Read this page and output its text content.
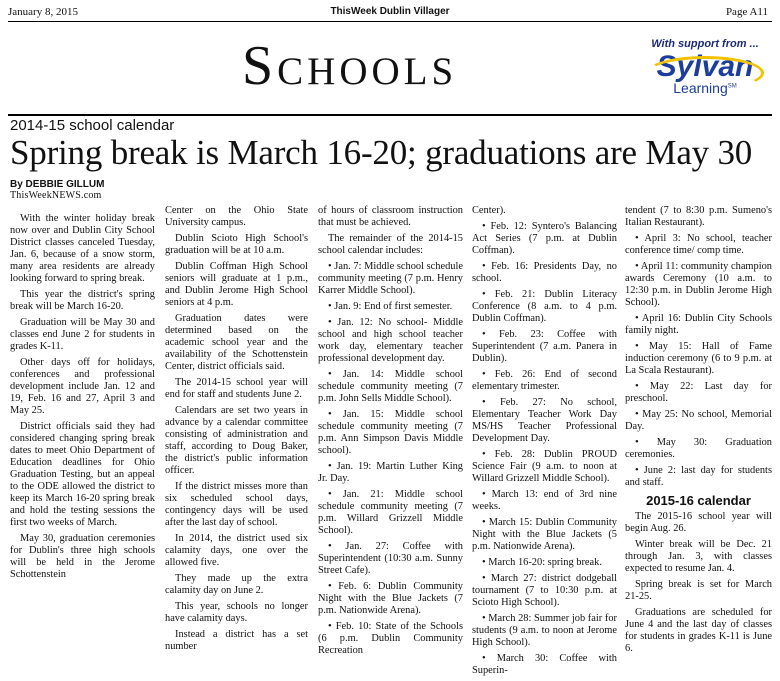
January 8, 2015	ThisWeek Dublin Villager	Page A11
Schools	With support from ...
Sylvan
Learning℠
2014-15 school calendar
Spring break is March 16-20; graduations are May 30
By DEBBIE GILLUM
ThisWeekNEWS.com

With the winter holiday break now over and Dublin City School District classes canceled Tuesday, Jan. 6, because of a snow storm, many area residents are already looking forward to spring break.

This year the district's spring break will be March 16-20.

Graduation will be May 30 and classes end June 2 for students in grades K-11.

Other days off for holidays, conferences and professional development include Jan. 12 and 19, Feb. 16 and 27, April 3 and May 25.

District officials said they had considered changing spring break dates to meet Ohio Department of Education deadlines for Ohio Graduation Testing, but an appeal to the ODE allowed the district to keep its March 16-20 spring break and hold the testing sessions the first two weeks of March.

May 30, graduation ceremonies for Dublin's three high schools will be held in the Jerome Schottenstein

Center on the Ohio State University campus.

Dublin Scioto High School's graduation will be at 10 a.m.

Dublin Coffman High School seniors will graduate at 1 p.m., and Dublin Jerome High School seniors at 4 p.m.

Graduation dates were determined based on the academic school year and the availability of the Schottenstein Center, district officials said.

The 2014-15 school year will end for staff and students June 2.

Calendars are set two years in advance by a calendar committee consisting of administration and staff, according to Doug Baker, the district's public information officer.

If the district misses more than six scheduled school days, contingency days will be used after the last day of school.

In 2014, the district used six calamity days, one over the allowed five.

They made up the extra calamity day on June 2.

This year, schools no longer have calamity days.

Instead a district has a set number

of hours of classroom instruction that must be achieved.

The remainder of the 2014-15 school calendar includes:

• Jan. 7: Middle school schedule community meeting (7 p.m. Henry Karrer Middle School).

• Jan. 9: End of first semester.

• Jan. 12: No school- Middle school and high school teacher work day, elementary teacher professional development day.

• Jan. 14: Middle school schedule community meeting (7 p.m. John Sells Middle School).

• Jan. 15: Middle school schedule community meeting (7 p.m. Ann Simpson Davis Middle school).

• Jan. 19: Martin Luther King Jr. Day.

• Jan. 21: Middle school schedule community meeting (7 p.m. Willard Grizzell Middle School).

• Jan. 27: Coffee with Superintendent (10:30 a.m. Sunny Street Cafe).

• Feb. 6: Dublin Community Night with the Blue Jackets (7 p.m. Nationwide Arena).

• Feb. 10: State of the Schools (6 p.m. Dublin Community Recreation

Center).

• Feb. 12: Syntero's Balancing Act Series (7 p.m. at Dublin Coffman).

• Feb. 16: Presidents Day, no school.

• Feb. 21: Dublin Literacy Conference (8 a.m. to 4 p.m. Dublin Coffman).

• Feb. 23: Coffee with Superintendent (7 a.m. Panera in Dublin).

• Feb. 26: End of second elementary trimester.

• Feb. 27: No school, Elementary Teacher Work Day MS/HS Teacher Professional Development Day.

• Feb. 28: Dublin PROUD Science Fair (9 a.m. to noon at Willard Grizzell Middle School).

• March 13: end of 3rd nine weeks.

• March 15: Dublin Community Night with the Blue Jackets (5 p.m. Nationwide Arena).

• March 16-20: spring break.

• March 27: district dodgeball tournament (7 to 10:30 p.m. at Scioto High School).

• March 28: Summer job fair for students (9 a.m. to noon at Jerome High School).

• March 30: Coffee with Superin-

tendent (7 to 8:30 p.m. Sumeno's Italian Restaurant).

• April 3: No school, teacher conference time/ comp time.

• April 11: community champion awards Ceremony (10 a.m. to 12:30 p.m. in Dublin Jerome High School).

• April 16: Dublin City Schools family night.

• May 15: Hall of Fame induction ceremony (6 to 9 p.m. at La Scala Restaurant).

• May 22: Last day for preschool.

• May 25: No school, Memorial Day.

• May 30: Graduation ceremonies.

• June 2: last day for students and staff.

2015-16 calendar

The 2015-16 school year will begin Aug. 26.

Winter break will be Dec. 21 through Jan. 3, with classes expected to resume Jan. 4.

Spring break is set for March 21-25.

Graduations are scheduled for June 4 and the last day of classes for students in grades K-11 is June 6.
